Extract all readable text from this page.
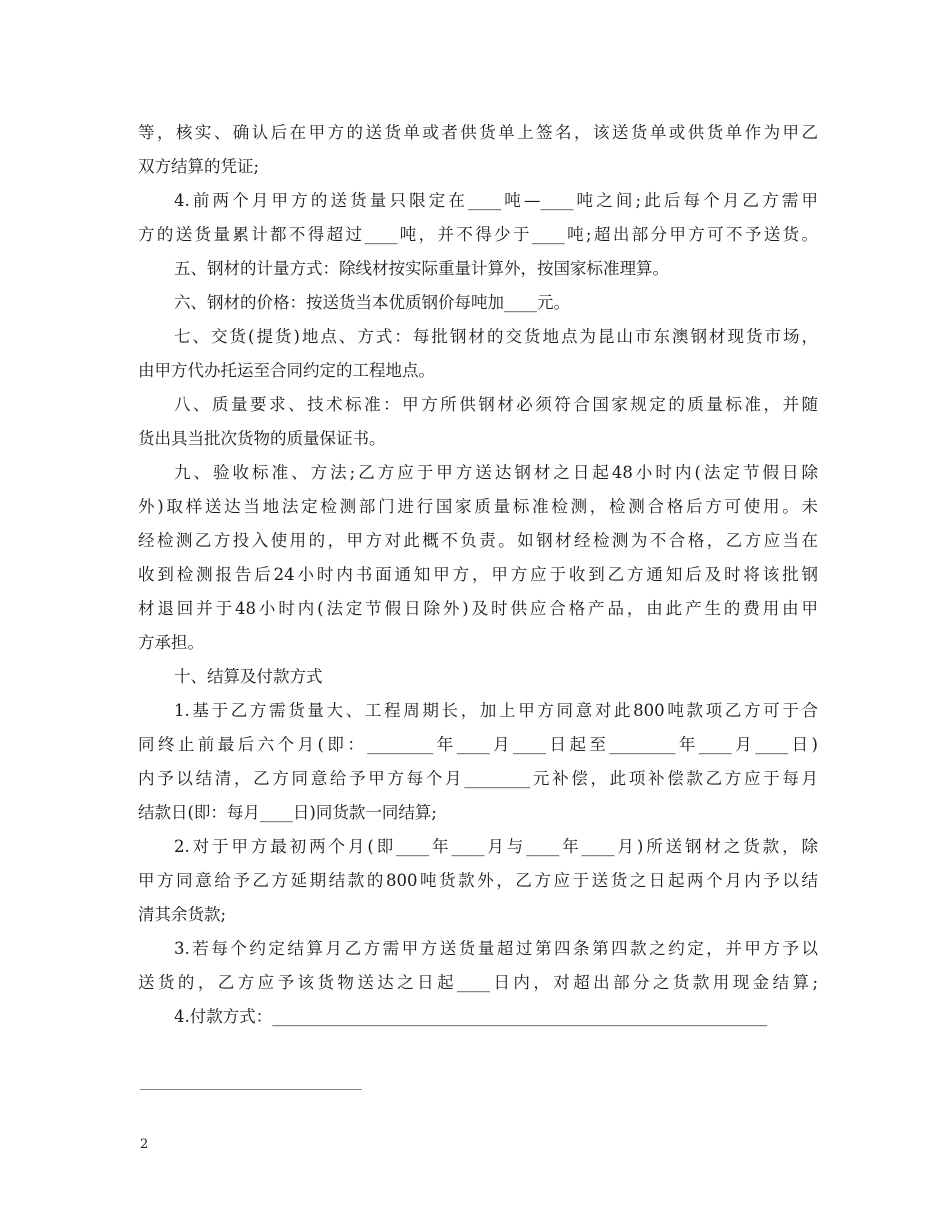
等，核实、确认后在甲方的送货单或者供货单上签名，该送货单或供货单作为甲乙
双方结算的凭证;
4.前两个月甲方的送货量只限定在____吨—____吨之间;此后每个月乙方需甲
方的送货量累计都不得超过____吨，并不得少于____吨;超出部分甲方可不予送货。
五、钢材的计量方式：除线材按实际重量计算外，按国家标准理算。
六、钢材的价格：按送货当本优质钢价每吨加____元。
七、交货(提货)地点、方式：每批钢材的交货地点为昆山市东澳钢材现货市场，
由甲方代办托运至合同约定的工程地点。
八、质量要求、技术标准：甲方所供钢材必须符合国家规定的质量标准，并随
货出具当批次货物的质量保证书。
九、验收标准、方法;乙方应于甲方送达钢材之日起48小时内(法定节假日除
外)取样送达当地法定检测部门进行国家质量标准检测，检测合格后方可使用。未
经检测乙方投入使用的，甲方对此概不负责。如钢材经检测为不合格，乙方应当在
收到检测报告后24小时内书面通知甲方，甲方应于收到乙方通知后及时将该批钢
材退回并于48小时内(法定节假日除外)及时供应合格产品，由此产生的费用由甲
方承担。
十、结算及付款方式
1.基于乙方需货量大、工程周期长，加上甲方同意对此800吨款项乙方可于合
同终止前最后六个月(即：________年____月____日起至________年____月____日)
内予以结清，乙方同意给予甲方每个月________元补偿，此项补偿款乙方应于每月
结款日(即：每月____日)同货款一同结算;
2.对于甲方最初两个月(即____年____月与____年____月)所送钢材之货款，除
甲方同意给予乙方延期结款的800吨货款外，乙方应于送货之日起两个月内予以结
清其余货款;
3.若每个约定结算月乙方需甲方送货量超过第四条第四款之约定，并甲方予以
送货的，乙方应予该货物送达之日起____日内，对超出部分之货款用现金结算;
4.付款方式：____________________________________________________________
2
